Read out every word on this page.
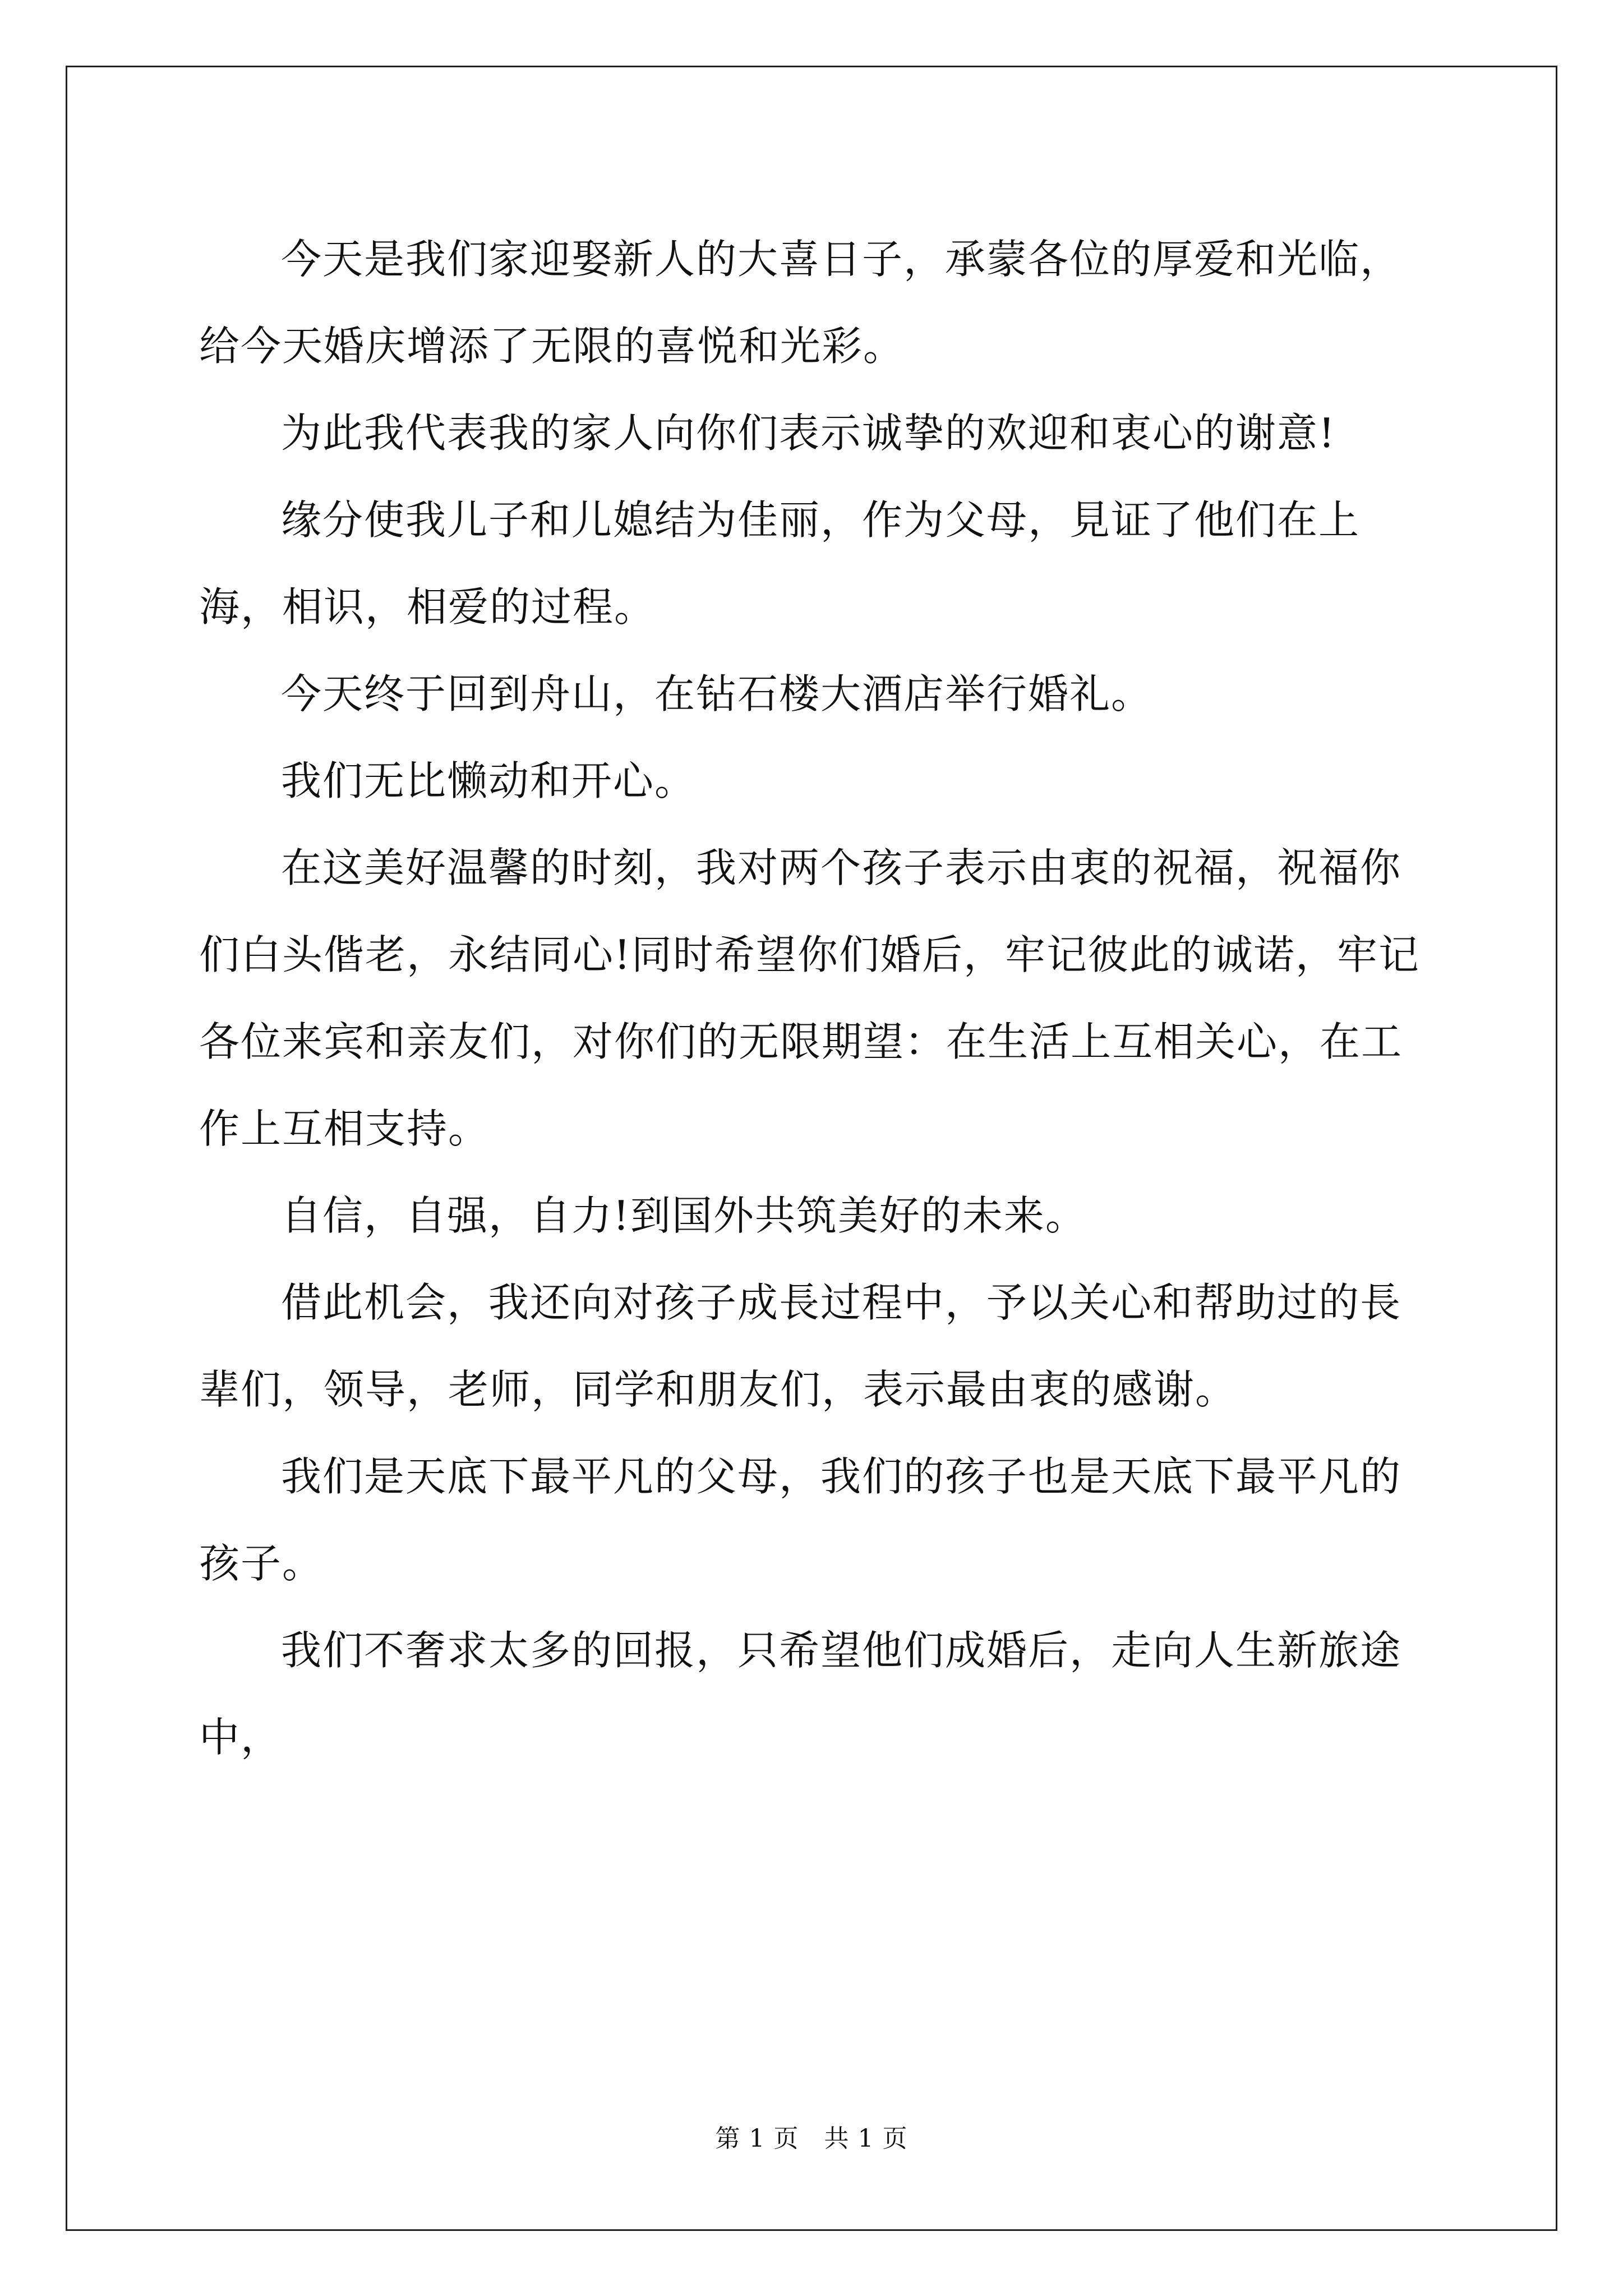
今天是我们家迎娶新人的大喜日子，承蒙各位的厚爱和光临，给今天婚庆增添了无限的喜悦和光彩。

为此我代表我的家人向你们表示诚挚的欢迎和衷心的谢意!

缘分使我儿子和儿媳结为佳丽，作为父母，見证了他们在上海，相识，相爱的过程。

今天终于回到舟山，在钻石楼大酒店举行婚礼。

我们无比懒动和开心。

在这美好温馨的时刻，我对两个孩子表示由衷的祝福，祝福你们白头偕老，永结同心!同时希望你们婚后，牢记彼此的诚诺，牢记各位来宾和亲友们，对你们的无限期望：在生活上互相关心，在工作上互相支持。

自信，自强，自力!到国外共筑美好的未来。

借此机会，我还向对孩子成長过程中，予以关心和帮助过的長辈们，领导，老师，同学和朋友们，表示最由衷的感谢。

我们是天底下最平凡的父母，我们的孩子也是天底下最平凡的孩子。

我们不奢求太多的回报，只希望他们成婚后，走向人生新旅途中，

第 1 页　共 1 页
